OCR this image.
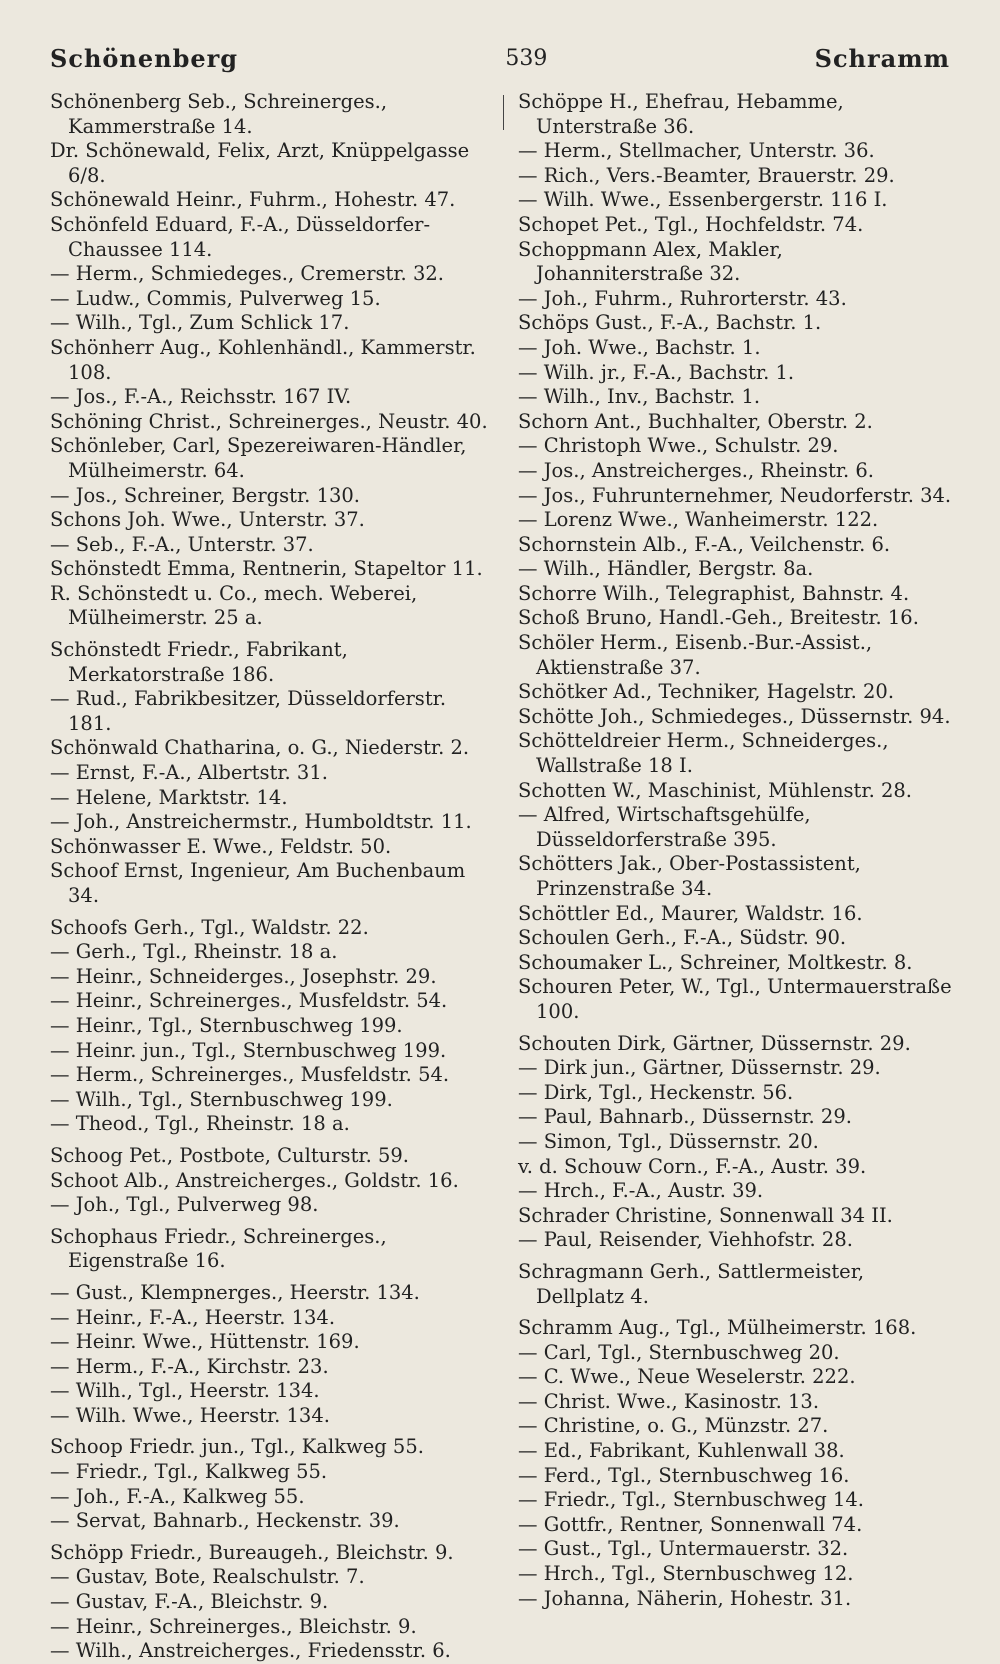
Schönenberg	539	Schramm
Schönenberg Seb., Schreinerges., Kammerstraße 14.
Dr. Schönewald, Felix, Arzt, Knüppelgasse 6/8.
Schönewald Heinr., Fuhrm., Hohestr. 47.
Schönfeld Eduard, F.-A., Düsseldorfer-Chaussee 114.
— Herm., Schmiedeges., Cremerstr. 32.
— Ludw., Commis, Pulverweg 15.
— Wilh., Tgl., Zum Schlick 17.
Schönherr Aug., Kohlenhändl., Kammerstr. 108.
— Jos., F.-A., Reichsstr. 167 IV.
Schöning Christ., Schreinerges., Neustr. 40.
Schönleber, Carl, Spezereiwaren-Händler, Mülheimerstr. 64.
— Jos., Schreiner, Bergstr. 130.
Schons Joh. Wwe., Unterstr. 37.
— Seb., F.-A., Unterstr. 37.
Schönstedt Emma, Rentnerin, Stapeltor 11.
R. Schönstedt u. Co., mech. Weberei, Mülheimerstr. 25 a.
Schönstedt Friedr., Fabrikant, Merkatorstraße 186.
— Rud., Fabrikbesitzer, Düsseldorferstr. 181.
Schönwald Chatharina, o. G., Niederstr. 2.
— Ernst, F.-A., Albertstr. 31.
— Helene, Marktstr. 14.
— Joh., Anstreichermstr., Humboldtstr. 11.
Schönwasser E. Wwe., Feldstr. 50.
Schoof Ernst, Ingenieur, Am Buchenbaum 34.
Schoofs Gerh., Tgl., Waldstr. 22.
— Gerh., Tgl., Rheinstr. 18 a.
— Heinr., Schneiderges., Josephstr. 29.
— Heinr., Schreinerges., Musfeldstr. 54.
— Heinr., Tgl., Sternbuschweg 199.
— Heinr. jun., Tgl., Sternbuschweg 199.
— Herm., Schreinerges., Musfeldstr. 54.
— Wilh., Tgl., Sternbuschweg 199.
— Theod., Tgl., Rheinstr. 18 a.
Schoog Pet., Postbote, Culturstr. 59.
Schoot Alb., Anstreicherges., Goldstr. 16.
— Joh., Tgl., Pulverweg 98.
Schophaus Friedr., Schreinerges., Eigenstraße 16.
— Gust., Klempnerges., Heerstr. 134.
— Heinr., F.-A., Heerstr. 134.
— Heinr. Wwe., Hüttenstr. 169.
— Herm., F.-A., Kirchstr. 23.
— Wilh., Tgl., Heerstr. 134.
— Wilh. Wwe., Heerstr. 134.
Schoop Friedr. jun., Tgl., Kalkweg 55.
— Friedr., Tgl., Kalkweg 55.
— Joh., F.-A., Kalkweg 55.
— Servat, Bahnarb., Heckenstr. 39.
Schöpp Friedr., Bureaugeh., Bleichstr. 9.
— Gustav, Bote, Realschulstr. 7.
— Gustav, F.-A., Bleichstr. 9.
— Heinr., Schreinerges., Bleichstr. 9.
— Wilh., Anstreicherges., Friedensstr. 6.
Schöppe H., Ehefrau, Hebamme, Unterstraße 36.
— Herm., Stellmacher, Unterstr. 36.
— Rich., Vers.-Beamter, Brauerstr. 29.
— Wilh. Wwe., Essenbergerstr. 116 I.
Schopet Pet., Tgl., Hochfeldstr. 74.
Schoppmann Alex, Makler, Johanniterstraße 32.
— Joh., Fuhrm., Ruhrorterstr. 43.
Schöps Gust., F.-A., Bachstr. 1.
— Joh. Wwe., Bachstr. 1.
— Wilh. jr., F.-A., Bachstr. 1.
— Wilh., Inv., Bachstr. 1.
Schorn Ant., Buchhalter, Oberstr. 2.
— Christoph Wwe., Schulstr. 29.
— Jos., Anstreicherges., Rheinstr. 6.
— Jos., Fuhrunternehmer, Neudorferstr. 34.
— Lorenz Wwe., Wanheimerstr. 122.
Schornstein Alb., F.-A., Veilchenstr. 6.
— Wilh., Händler, Bergstr. 8a.
Schorre Wilh., Telegraphist, Bahnstr. 4.
Schoß Bruno, Handl.-Geh., Breitestr. 16.
Schöler Herm., Eisenb.-Bur.-Assist., Aktienstraße 37.
Schötker Ad., Techniker, Hagelstr. 20.
Schötte Joh., Schmiedeges., Düssernstr. 94.
Schötteldreier Herm., Schneiderges., Wallstraße 18 I.
Schotten W., Maschinist, Mühlenstr. 28.
— Alfred, Wirtschaftsgehülfe, Düsseldorferstraße 395.
Schötters Jak., Ober-Postassistent, Prinzenstraße 34.
Schöttler Ed., Maurer, Waldstr. 16.
Schoulen Gerh., F.-A., Südstr. 90.
Schoumaker L., Schreiner, Moltkestr. 8.
Schouren Peter, W., Tgl., Untermauerstraße 100.
Schouten Dirk, Gärtner, Düssernstr. 29.
— Dirk jun., Gärtner, Düssernstr. 29.
— Dirk, Tgl., Heckenstr. 56.
— Paul, Bahnarb., Düssernstr. 29.
— Simon, Tgl., Düssernstr. 20.
v. d. Schouw Corn., F.-A., Austr. 39.
— Hrch., F.-A., Austr. 39.
Schrader Christine, Sonnenwall 34 II.
— Paul, Reisender, Viehhofstr. 28.
Schragmann Gerh., Sattlermeister, Dellplatz 4.
Schramm Aug., Tgl., Mülheimerstr. 168.
— Carl, Tgl., Sternbuschweg 20.
— C. Wwe., Neue Weselerstr. 222.
— Christ. Wwe., Kasinostr. 13.
— Christine, o. G., Münzstr. 27.
— Ed., Fabrikant, Kuhlenwall 38.
— Ferd., Tgl., Sternbuschweg 16.
— Friedr., Tgl., Sternbuschweg 14.
— Gottfr., Rentner, Sonnenwall 74.
— Gust., Tgl., Untermauerstr. 32.
— Hrch., Tgl., Sternbuschweg 12.
— Johanna, Näherin, Hohestr. 31.
